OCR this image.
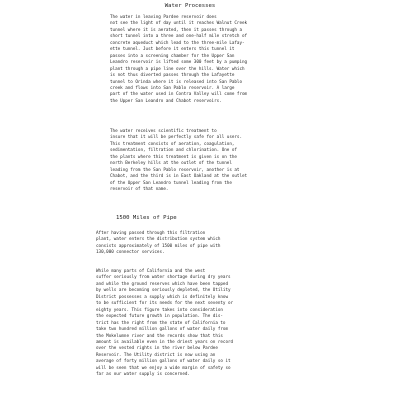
Water Processes

The water in leaving Pardee reservoir does
not see the light of day until it reaches Walnut Creek
tunnel where it is aerated, then it passes through a
short tunnel into a three and one-half mile stretch of
concrete aqueduct which lead to the three-mile Lafay-
ette tunnel. Just before it enters this tunnel it
passes into a screening chamber for the Upper San
Leandro reservoir is lifted some 300 feet by a pumping
plant through a pipe line over the hills. Water which
is not thus diverted passes through the Lafayette
tunnel to Orinda where it is released into San Pablo
creek and flows into San Pablo reservoir. A large
part of the water used in Contra Valley will come from
the Upper San Leandro and Chabot reservoirs.

The water receives scientific treatment to
insure that it will be perfectly safe for all users.
This treatment consists of aeration, coagulation,
sedimentation, filtration and chlorination. One of
the plants where this treatment is given is on the
north Berkeley hills at the outlet of the tunnel
leading from the San Pablo reservoir, another is at
Chabot, and the third is in East Oakland at the outlet
of the Upper San Leandro tunnel leading from the
reservoir of that name.

1500 Miles of Pipe

After having passed through this filtration
plant, water enters the distribution system which
consists approximately of 1500 miles of pipe with
130,000 connector services.

While many parts of California and the west
suffer seriously from water shortage during dry years
and while the ground reserves which have been tapped
by wells are becoming seriously depleted, the Utility
District possesses a supply which is definitely know
to be sufficient for its needs for the next seventy or
eighty years. This figure takes into consideration
the expected future growth in population. The dis-
trict has the right from the state of California to
take two hundred million gallons of water daily from
the Mokelumne river and the records show that this
amount is available even in the driest years on record
over the vested rights in the river below Pardee
Reservoir. The Utility district is now using an
average of forty million gallons of water daily so it
will be seen that we enjoy a wide margin of safety so
far as our water supply is concerned.
